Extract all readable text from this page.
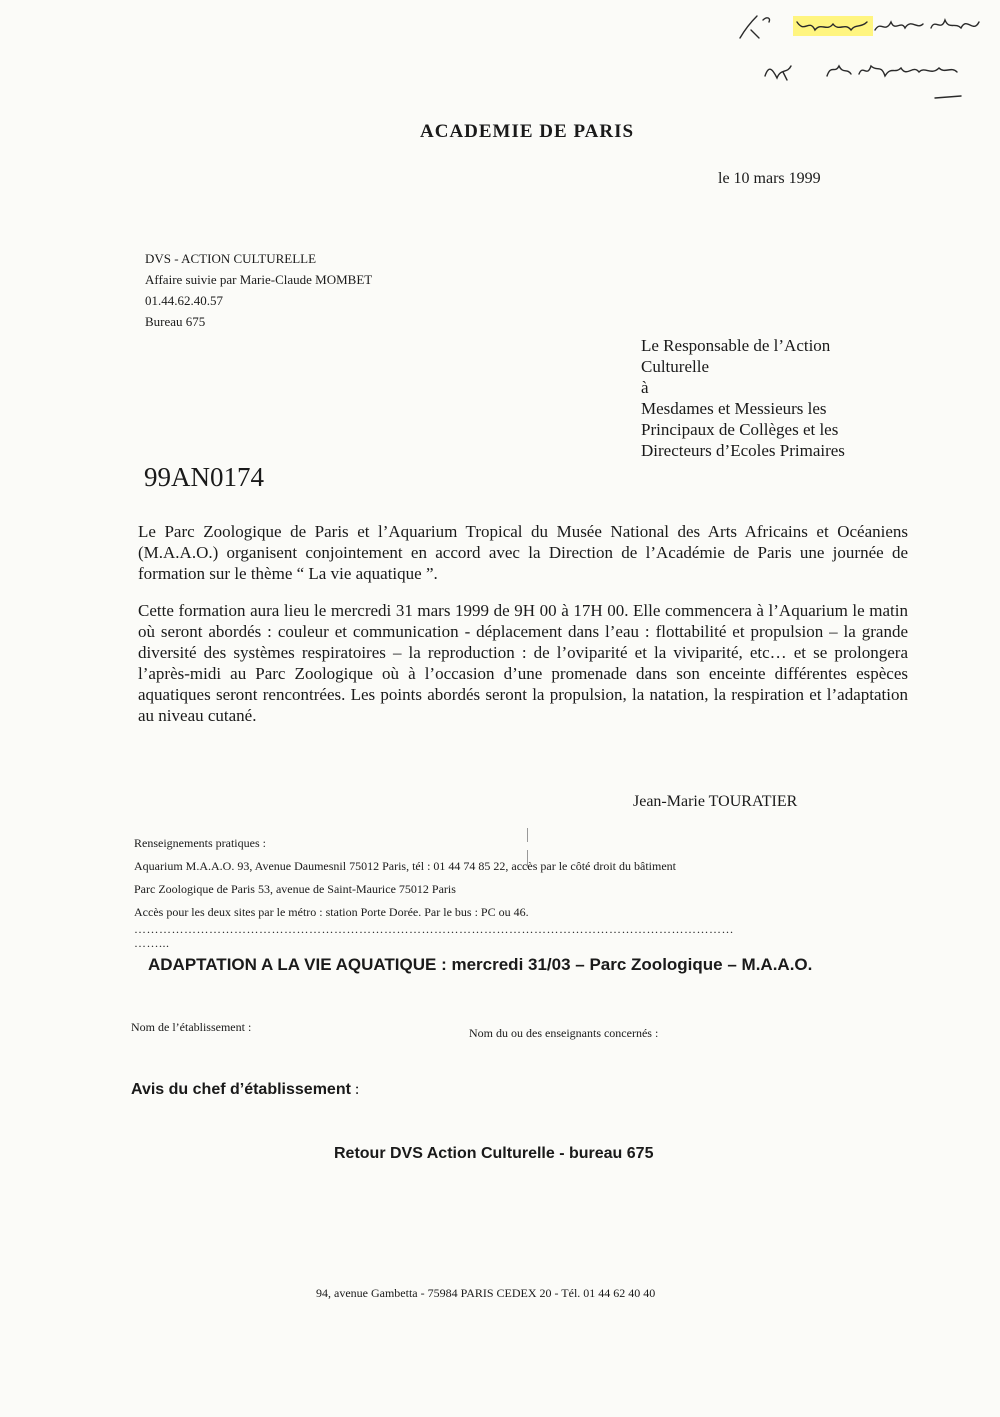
ACADEMIE DE PARIS
le 10 mars 1999
DVS - ACTION CULTURELLE
Affaire suivie par Marie-Claude MOMBET
01.44.62.40.57
Bureau 675
Le Responsable de l’Action
Culturelle
à
Mesdames et Messieurs les
Principaux de Collèges et les
Directeurs d’Ecoles Primaires
99AN0174
Le Parc Zoologique de Paris et l’Aquarium Tropical du Musée National des Arts Africains et Océaniens (M.A.A.O.) organisent conjointement en accord avec la Direction de l’Académie de Paris une journée de formation sur le thème “ La vie aquatique ”.
Cette formation aura lieu le mercredi 31 mars 1999 de 9H 00 à 17H 00. Elle commencera à l’Aquarium le matin où seront abordés : couleur et communication - déplacement dans l’eau : flottabilité et propulsion – la grande diversité des systèmes respiratoires – la reproduction : de l’oviparité et la viviparité, etc… et se prolongera l’après-midi au Parc Zoologique où à l’occasion d’une promenade dans son enceinte différentes espèces aquatiques seront rencontrées. Les points abordés seront la propulsion, la natation, la respiration et l’adaptation au niveau cutané.
Jean-Marie TOURATIER
Renseignements pratiques :
Aquarium M.A.A.O. 93, Avenue Daumesnil 75012 Paris, tél : 01 44 74 85 22, accès par le côté droit du bâtiment
Parc Zoologique de Paris 53, avenue de Saint-Maurice 75012 Paris
Accès pour les deux sites par le métro : station Porte Dorée. Par le bus : PC ou 46.
………………………………………………………………………………………………………………………………
……...
ADAPTATION A LA VIE AQUATIQUE : mercredi 31/03 – Parc Zoologique – M.A.A.O.
Nom de l’établissement :	Nom du ou des enseignants concernés :
Avis du chef d’établissement :
Retour DVS Action Culturelle - bureau 675
94, avenue Gambetta - 75984 PARIS CEDEX 20 - Tél. 01 44 62 40 40
